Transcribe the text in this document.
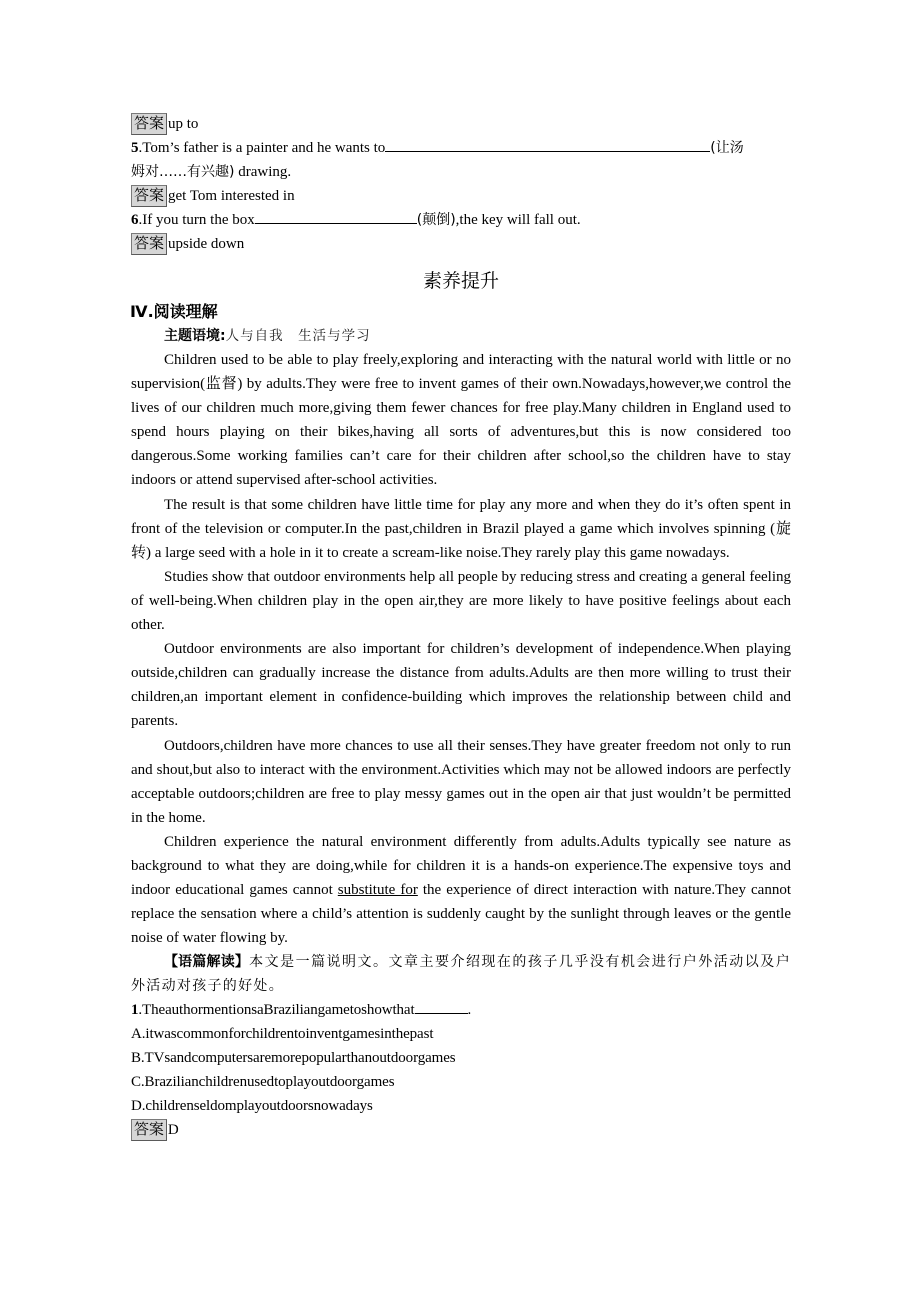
答案 up to
5.Tom’s father is a painter and he wants to	(让汤
姆对……有兴趣) drawing.
答案 get Tom interested in
6.If you turn the box	(颠倒),the key will fall out.
答案 upside down
素养提升
Ⅳ.阅读理解
主题语境:人与自我　生活与学习
Children used to be able to play freely,exploring and interacting with the natural world with little or no supervision(监督) by adults.They were free to invent games of their own.Nowadays,however,we control the lives of our children much more,giving them fewer chances for free play.Many children in England used to spend hours playing on their bikes,having all sorts of adventures,but this is now considered too dangerous.Some working families can’t care for their children after school,so the children have to stay indoors or attend supervised after-school activities.
The result is that some children have little time for play any more and when they do it’s often spent in front of the television or computer.In the past,children in Brazil played a game which involves spinning (旋转) a large seed with a hole in it to create a scream-like noise.They rarely play this game nowadays.
Studies show that outdoor environments help all people by reducing stress and creating a general feeling of well-being.When children play in the open air,they are more likely to have positive feelings about each other.
Outdoor environments are also important for children’s development of independence.When playing outside,children can gradually increase the distance from adults.Adults are then more willing to trust their children,an important element in confidence-building which improves the relationship between child and parents.
Outdoors,children have more chances to use all their senses.They have greater freedom not only to run and shout,but also to interact with the environment.Activities which may not be allowed indoors are perfectly acceptable outdoors;children are free to play messy games out in the open air that just wouldn’t be permitted in the home.
Children experience the natural environment differently from adults.Adults typically see nature as background to what they are doing,while for children it is a hands-on experience.The expensive toys and indoor educational games cannot substitute for the experience of direct interaction with nature.They cannot replace the sensation where a child’s attention is suddenly caught by the sunlight through leaves or the gentle noise of water flowing by.
【语篇解读】本文是一篇说明文。文章主要介绍现在的孩子几乎没有机会进行户外活动以及户外活动对孩子的好处。
1.TheauthormentionsaBraziliangametoshowthat	.
A.itwascommonforchildrentoinventgamesinthepast
B.TVsandcomputersaremorepopularthanoutdoorgames
C.Brazilianchildrenusedtoplayoutdoorgames
D.childrenseldomplayoutdoorsnowadays
答案 D
